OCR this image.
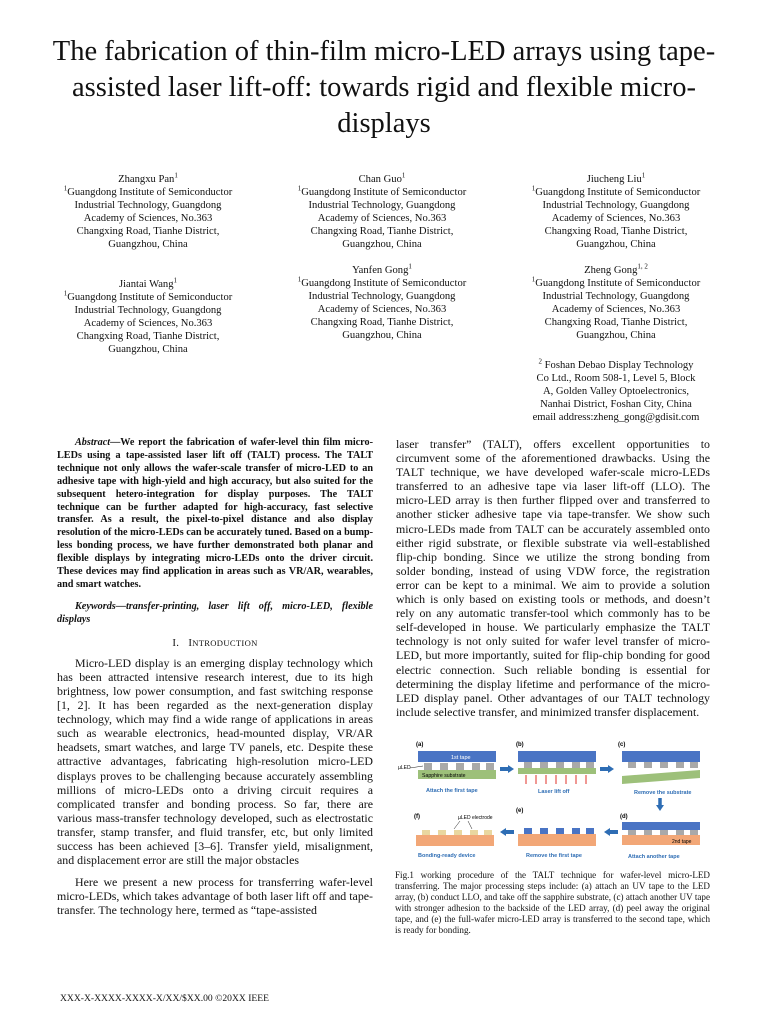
The fabrication of thin-film micro-LED arrays using tape-assisted laser lift-off: towards rigid and flexible micro-displays
Zhangxu Pan$^1$
$^1$Guangdong Institute of Semiconductor
Industrial Technology, Guangdong
Academy of Sciences, No.363
Changxing Road, Tianhe District,
Guangzhou, China
Chan Guo$^1$
$^1$Guangdong Institute of Semiconductor
Industrial Technology, Guangdong
Academy of Sciences, No.363
Changxing Road, Tianhe District,
Guangzhou, China
Jiucheng Liu$^1$
$^1$Guangdong Institute of Semiconductor
Industrial Technology, Guangdong
Academy of Sciences, No.363
Changxing Road, Tianhe District,
Guangzhou, China
Jiantai Wang$^1$
$^1$Guangdong Institute of Semiconductor
Industrial Technology, Guangdong
Academy of Sciences, No.363
Changxing Road, Tianhe District,
Guangzhou, China
Yanfen Gong$^1$
$^1$Guangdong Institute of Semiconductor
Industrial Technology, Guangdong
Academy of Sciences, No.363
Changxing Road, Tianhe District,
Guangzhou, China
Zheng Gong$^{1, 2}$
$^1$Guangdong Institute of Semiconductor
Industrial Technology, Guangdong
Academy of Sciences, No.363
Changxing Road, Tianhe District,
Guangzhou, China
$^2$ Foshan Debao Display Technology
Co Ltd., Room 508-1, Level 5, Block
A, Golden Valley Optoelectronics,
Nanhai District, Foshan City, China
email address:zheng_gong@gdisit.com

Abstract—We report the fabrication of wafer-level thin film micro-LEDs using a tape-assisted laser lift off (TALT) process. The TALT technique not only allows the wafer-scale transfer of micro-LED to an adhesive tape with high-yield and high accuracy, but also suited for the subsequent hetero-integration for display purposes. The TALT technique can be further adapted for high-accuracy, fast selective transfer. As a result, the pixel-to-pixel distance and also display resolution of the micro-LEDs can be accurately tuned. Based on a bump-less bonding process, we have further demonstrated both planar and flexible displays by integrating micro-LEDs onto the driver circuit. These devices may find application in areas such as VR/AR, wearables, and smart watches.

Keywords—transfer-printing, laser lift off, micro-LED, flexible displays

I. INTRODUCTION

Micro-LED display is an emerging display technology which has been attracted intensive research interest, due to its high brightness, low power consumption, and fast switching response [1, 2]. It has been regarded as the next-generation display technology, which may find a wide range of applications in areas such as wearable electronics, head-mounted display, VR/AR headsets, smart watches, and large TV panels, etc. Despite these attractive advantages, fabricating high-resolution micro-LED displays proves to be challenging because accurately assembling millions of micro-LEDs onto a driving circuit requires a complicated transfer and bonding process. So far, there are various mass-transfer technology developed, such as electrostatic transfer, stamp transfer, and fluid transfer, etc, but only limited success has been achieved [3–6]. Transfer yield, misalignment, and displacement error are still the major obstacles

Here we present a new process for transferring wafer-level micro-LEDs, which takes advantage of both laser lift off and tape-transfer. The technology here, termed as “tape-assisted

laser transfer” (TALT), offers excellent opportunities to circumvent some of the aforementioned drawbacks. Using the TALT technique, we have developed wafer-scale micro-LEDs transferred to an adhesive tape via laser lift-off (LLO). The micro-LED array is then further flipped over and transferred to another sticker adhesive tape via tape-transfer. We show such micro-LEDs made from TALT can be accurately assembled onto either rigid substrate, or flexible substrate via well-established flip-chip bonding. Since we utilize the strong bonding from solder bonding, instead of using VDW force, the registration error can be kept to a minimal. We aim to provide a solution which is only based on existing tools or methods, and doesn’t rely on any automatic transfer-tool which commonly has to be self-developed in house. We particularly emphasize the TALT technology is not only suited for wafer level transfer of micro-LED, but more importantly, suited for flip-chip bonding for good electric connection. Such reliable bonding is essential for determining the display lifetime and performance of the micro-LED display panel. Other advantages of our TALT technology include selective transfer, and minimized transfer displacement.

(a)
1st tape
µLED
Sapphire substrate
Attach the first tape
(b)
Laser lift off
(c)
Remove the substrate
(d)
2nd tape
Attach another tape
(e)
Remove the first tape
(f)	µLED electrode
Bonding-ready device
Fig.1 working procedure of the TALT technique for wafer-level micro-LED transferring. The major processing steps include: (a) attach an UV tape to the LED array, (b) conduct LLO, and take off the sapphire substrate, (c) attach another UV tape with stronger adhesion to the backside of the LED array, (d) peel away the original tape, and (e) the full-wafer micro-LED array is transferred to the second tape, which is ready for bonding.
XXX-X-XXXX-XXXX-X/XX/$XX.00 ©20XX IEEE
